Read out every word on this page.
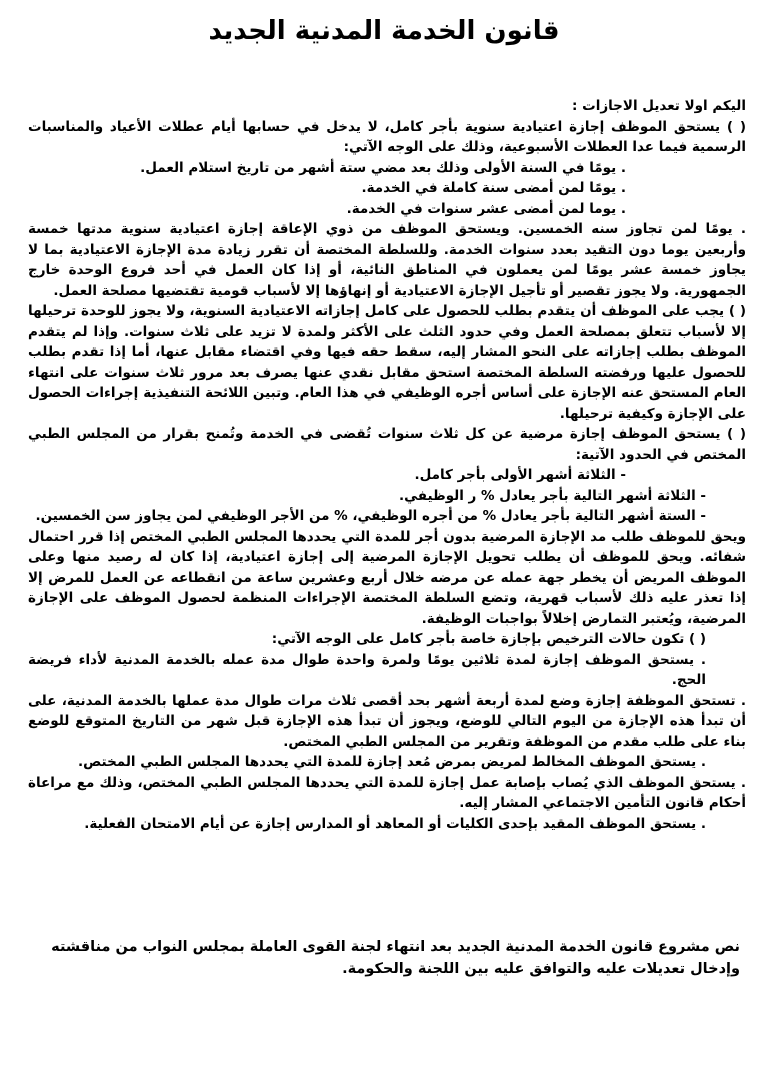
قانون الخدمة المدنية الجديد

اليكم اولا تعديل الاجازات :

( ) يستحق الموظف إجازة اعتيادية سنوية بأجر كامل، لا يدخل في حسابها أيام عطلات الأعياد والمناسبات الرسمية فيما عدا العطلات الأسبوعية، وذلك على الوجه الآتي:

. يومًا في السنة الأولى وذلك بعد مضي ستة أشهر من تاريخ استلام العمل.

. يومًا لمن أمضى سنة كاملة في الخدمة.

. يوما لمن أمضى عشر سنوات في الخدمة.

. يومًا لمن تجاوز سنه الخمسين. ويستحق الموظف من ذوي الإعاقة إجازة اعتيادية سنوية مدتها خمسة وأربعين يوما دون التقيد بعدد سنوات الخدمة. وللسلطة المختصة أن تقرر زيادة مدة الإجازة الاعتيادية بما لا يجاوز خمسة عشر يومًا لمن يعملون في المناطق النائية، أو إذا كان العمل في أحد فروع الوحدة خارج الجمهورية. ولا يجوز تقصير أو تأجيل الإجازة الاعتيادية أو إنهاؤها إلا لأسباب قومية تقتضيها مصلحة العمل.

( ) يجب على الموظف أن يتقدم بطلب للحصول على كامل إجازاته الاعتيادية السنوية، ولا يجوز للوحدة ترحيلها إلا لأسباب تتعلق بمصلحة العمل وفي حدود الثلث على الأكثر ولمدة لا تزيد على ثلاث سنوات. وإذا لم يتقدم الموظف بطلب إجازاته على النحو المشار إليه، سقط حقه فيها وفي اقتضاء مقابل عنها، أما إذا تقدم بطلب للحصول عليها ورفضته السلطة المختصة استحق مقابل نقدي عنها يصرف بعد مرور ثلاث سنوات على انتهاء العام المستحق عنه الإجازة على أساس أجره الوظيفي في هذا العام. وتبين اللائحة التنفيذية إجراءات الحصول على الإجازة وكيفية ترحيلها.

( ) يستحق الموظف إجازة مرضية عن كل ثلاث سنوات تُقضى في الخدمة وتُمنح بقرار من المجلس الطبي المختص في الحدود الآتية:

- الثلاثة أشهر الأولى بأجر كامل.

- الثلاثة أشهر التالية بأجر يعادل % ر الوظيفي.

- الستة أشهر التالية بأجر يعادل % من أجره الوظيفي، % من الأجر الوظيفي لمن يجاوز سن الخمسين.

ويحق للموظف طلب مد الإجازة المرضية بدون أجر للمدة التي يحددها المجلس الطبي المختص إذا قرر احتمال شفائه. ويحق للموظف أن يطلب تحويل الإجازة المرضية إلى إجازة اعتيادية، إذا كان له رصيد منها وعلى الموظف المريض أن يخطر جهة عمله عن مرضه خلال أربع وعشرين ساعة من انقطاعه عن العمل للمرض إلا إذا تعذر عليه ذلك لأسباب قهرية، وتضع السلطة المختصة الإجراءات المنظمة لحصول الموظف على الإجازة المرضية، ويُعتبر التمارض إخلالاً بواجبات الوظيفة.

( ) تكون حالات الترخيص بإجازة خاصة بأجر كامل على الوجه الآتي:

. يستحق الموظف إجازة لمدة ثلاثين يومًا ولمرة واحدة طوال مدة عمله بالخدمة المدنية لأداء فريضة الحج.

. تستحق الموظفة إجازة وضع لمدة أربعة أشهر بحد أقصى ثلاث مرات طوال مدة عملها بالخدمة المدنية، على أن تبدأ هذه الإجازة من اليوم التالي للوضع، ويجوز أن تبدأ هذه الإجازة قبل شهر من التاريخ المتوقع للوضع بناء على طلب مقدم من الموظفة وتقرير من المجلس الطبي المختص.

. يستحق الموظف المخالط لمريض بمرض مُعد إجازة للمدة التي يحددها المجلس الطبي المختص.

. يستحق الموظف الذي يُصاب بإصابة عمل إجازة للمدة التي يحددها المجلس الطبي المختص، وذلك مع مراعاة أحكام قانون التأمين الاجتماعي المشار إليه.

. يستحق الموظف المقيد بإحدى الكليات أو المعاهد أو المدارس إجازة عن أيام الامتحان الفعلية.

نص مشروع قانون الخدمة المدنية الجديد بعد انتهاء لجنة القوى العاملة بمجلس النواب من مناقشته وإدخال تعديلات عليه والتوافق عليه بين اللجنة والحكومة.
